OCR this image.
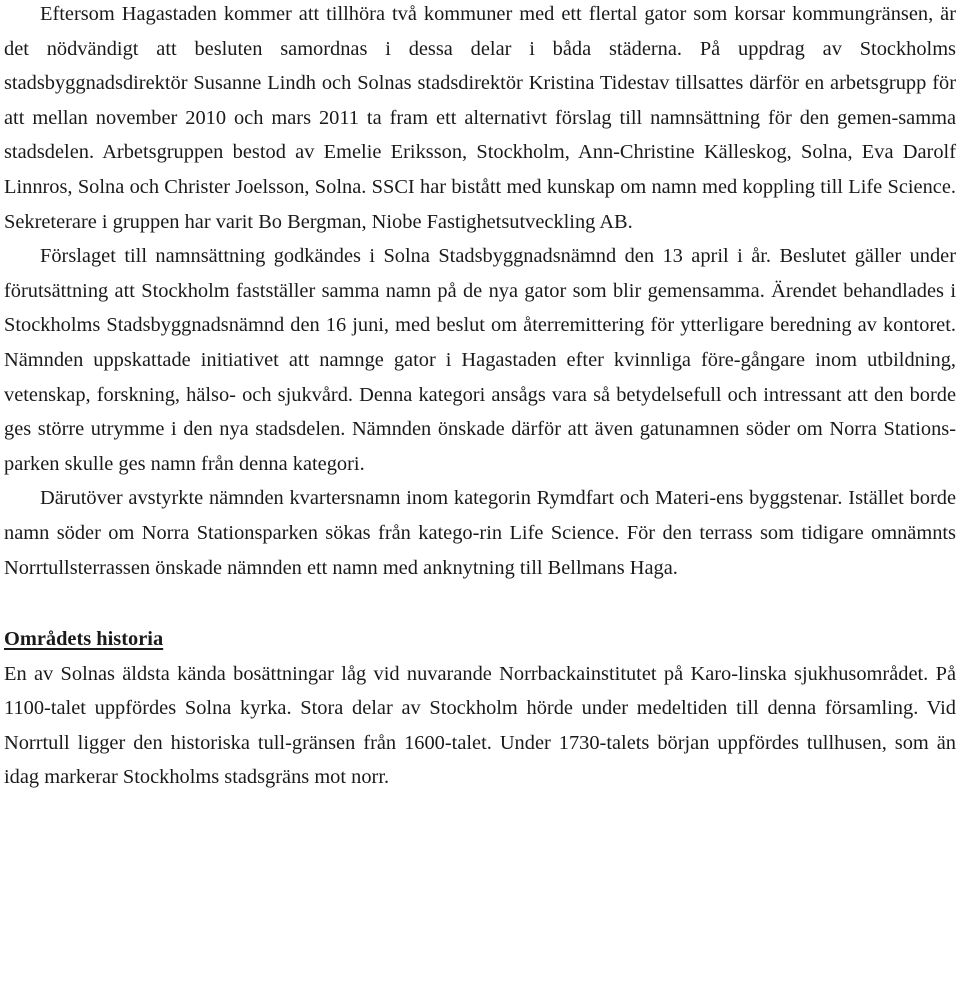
Eftersom Hagastaden kommer att tillhöra två kommuner med ett flertal gator som korsar kommungränsen, är det nödvändigt att besluten samordnas i dessa delar i båda städerna. På uppdrag av Stockholms stadsbyggnadsdirektör Susanne Lindh och Solnas stadsdirektör Kristina Tidestav tillsattes därför en arbetsgrupp för att mellan november 2010 och mars 2011 ta fram ett alternativt förslag till namnsättning för den gemen-samma stadsdelen. Arbetsgruppen bestod av Emelie Eriksson, Stockholm, Ann-Christine Källeskog, Solna, Eva Darolf Linnros, Solna och Christer Joelsson, Solna. SSCI har bistått med kunskap om namn med koppling till Life Science. Sekreterare i gruppen har varit Bo Bergman, Niobe Fastighetsutveckling AB.

Förslaget till namnsättning godkändes i Solna Stadsbyggnadsnämnd den 13 april i år. Beslutet gäller under förutsättning att Stockholm fastställer samma namn på de nya gator som blir gemensamma. Ärendet behandlades i Stockholms Stadsbyggnadsnämnd den 16 juni, med beslut om återremittering för ytterligare beredning av kontoret. Nämnden uppskattade initiativet att namnge gator i Hagastaden efter kvinnliga före-gångare inom utbildning, vetenskap, forskning, hälso- och sjukvård. Denna kategori ansågs vara så betydelsefull och intressant att den borde ges större utrymme i den nya stadsdelen. Nämnden önskade därför att även gatunamnen söder om Norra Stations-parken skulle ges namn från denna kategori.

Därutöver avstyrkte nämnden kvartersnamn inom kategorin Rymdfart och Materi-ens byggstenar. Istället borde namn söder om Norra Stationsparken sökas från katego-rin Life Science. För den terrass som tidigare omnämnts Norrtullsterrassen önskade nämnden ett namn med anknytning till Bellmans Haga.

Områdets historia

En av Solnas äldsta kända bosättningar låg vid nuvarande Norrbackainstitutet på Karo-linska sjukhusområdet. På 1100-talet uppfördes Solna kyrka. Stora delar av Stockholm hörde under medeltiden till denna församling. Vid Norrtull ligger den historiska tull-gränsen från 1600-talet. Under 1730-talets början uppfördes tullhusen, som än idag markerar Stockholms stadsgräns mot norr.
